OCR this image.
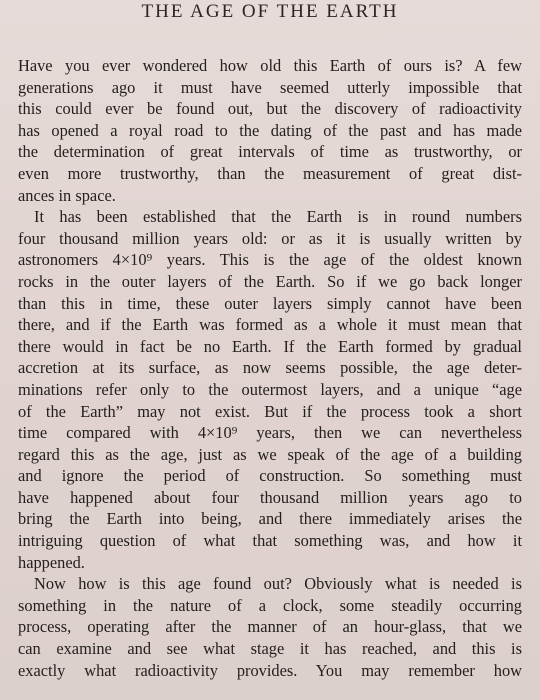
THE AGE OF THE EARTH
Have you ever wondered how old this Earth of ours is? A few
generations ago it must have seemed utterly impossible that
this could ever be found out, but the discovery of radioactivity
has opened a royal road to the dating of the past and has made
the determination of great intervals of time as trustworthy, or
even more trustworthy, than the measurement of great dist-
ances in space.
It has been established that the Earth is in round numbers
four thousand million years old: or as it is usually written by
astronomers 4×10⁹ years. This is the age of the oldest known
rocks in the outer layers of the Earth. So if we go back longer
than this in time, these outer layers simply cannot have been
there, and if the Earth was formed as a whole it must mean that
there would in fact be no Earth. If the Earth formed by gradual
accretion at its surface, as now seems possible, the age deter-
minations refer only to the outermost layers, and a unique “age
of the Earth” may not exist. But if the process took a short
time compared with 4×10⁹ years, then we can nevertheless
regard this as the age, just as we speak of the age of a building
and ignore the period of construction. So something must
have happened about four thousand million years ago to
bring the Earth into being, and there immediately arises the
intriguing question of what that something was, and how it
happened.
Now how is this age found out? Obviously what is needed is
something in the nature of a clock, some steadily occurring
process, operating after the manner of an hour-glass, that we
can examine and see what stage it has reached, and this is
exactly what radioactivity provides. You may remember how
